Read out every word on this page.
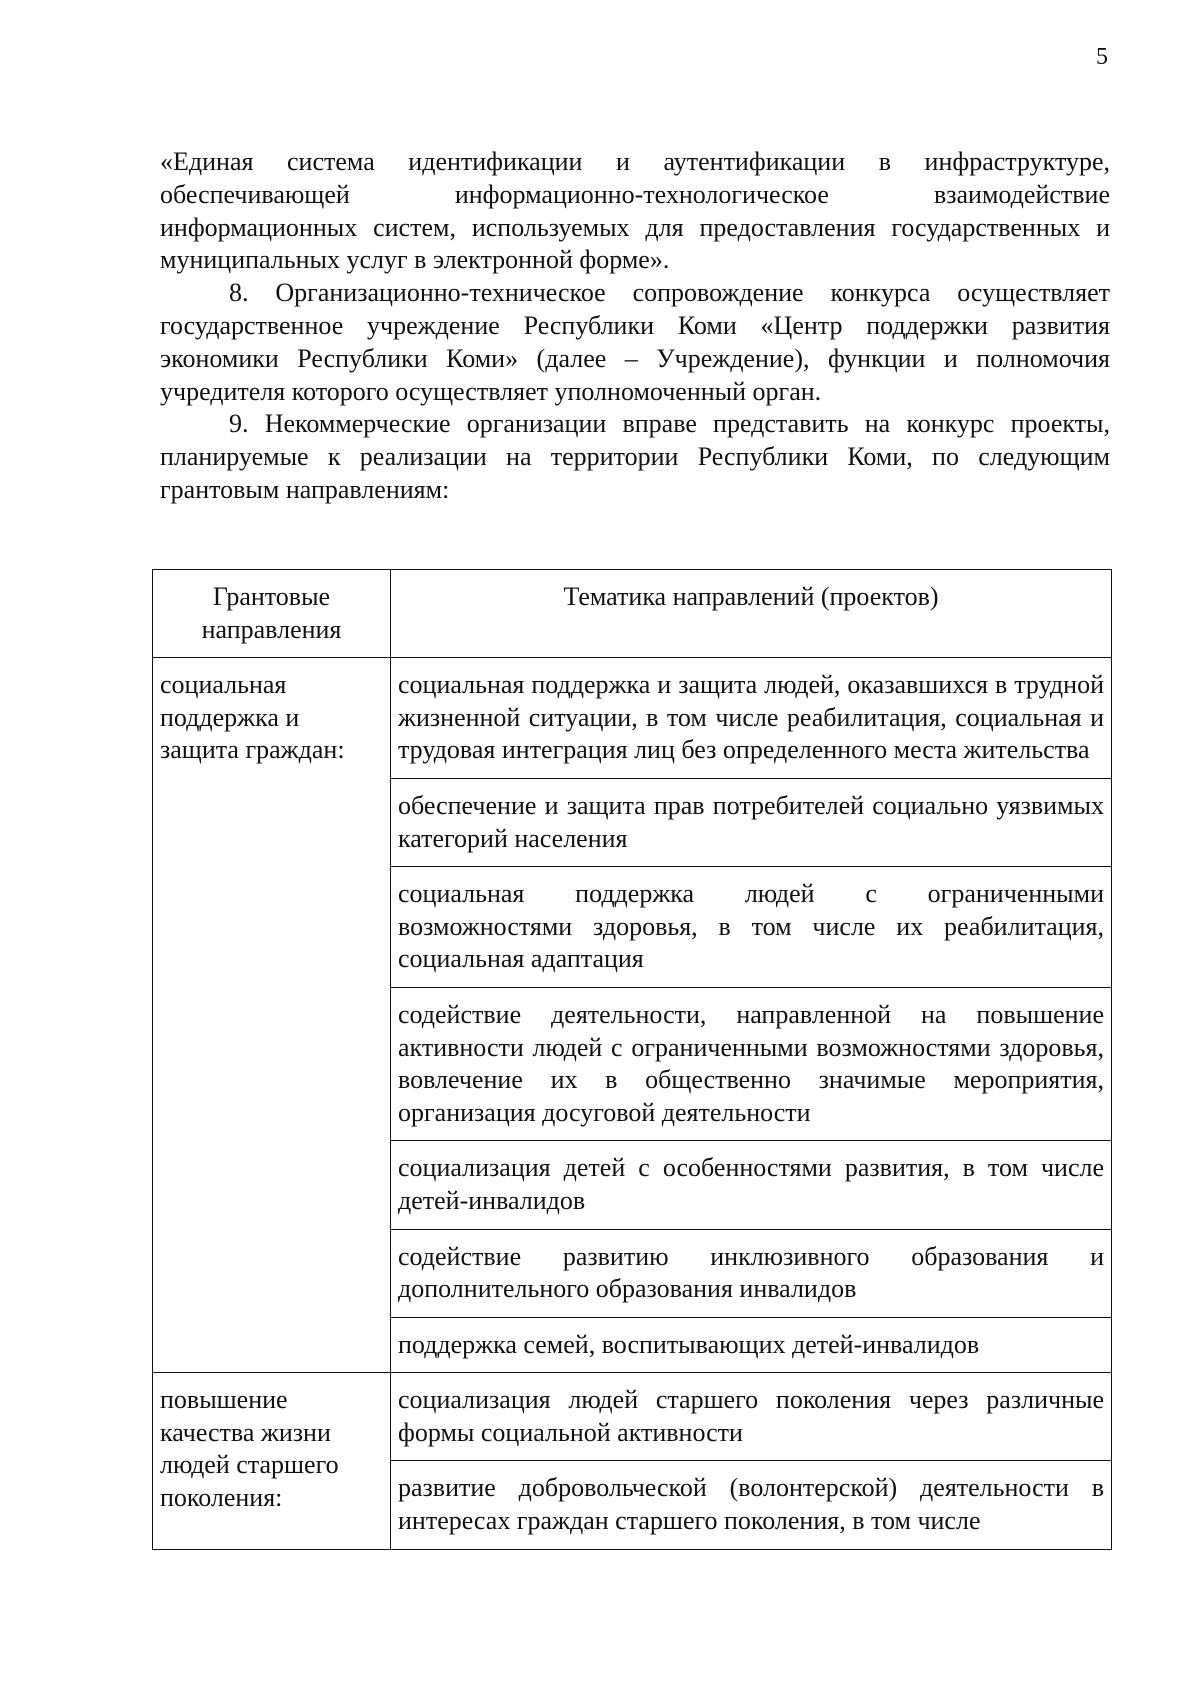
5

«Единая система идентификации и аутентификации в инфраструктуре, обеспечивающей информационно-технологическое взаимодействие информационных систем, используемых для предоставления государственных и муниципальных услуг в электронной форме».

8. Организационно-техническое сопровождение конкурса осуществляет государственное учреждение Республики Коми «Центр поддержки развития экономики Республики Коми» (далее – Учреждение), функции и полномочия учредителя которого осуществляет уполномоченный орган.

9. Некоммерческие организации вправе представить на конкурс проекты, планируемые к реализации на территории Республики Коми, по следующим грантовым направлениям:

Грантовые направления	Тематика направлений (проектов)
социальная поддержка и защита граждан:	социальная поддержка и защита людей, оказавшихся в трудной жизненной ситуации, в том числе реабилитация, социальная и трудовая интеграция лиц без определенного места жительства
	обеспечение и защита прав потребителей социально уязвимых категорий населения
	социальная поддержка людей с ограниченными возможностями здоровья, в том числе их реабилитация, социальная адаптация
	содействие деятельности, направленной на повышение активности людей с ограниченными возможностями здоровья, вовлечение их в общественно значимые мероприятия, организация досуговой деятельности
	социализация детей с особенностями развития, в том числе детей-инвалидов
	содействие развитию инклюзивного образования и дополнительного образования инвалидов
	поддержка семей, воспитывающих детей-инвалидов
повышение качества жизни людей старшего поколения:	социализация людей старшего поколения через различные формы социальной активности
	развитие добровольческой (волонтерской) деятельности в интересах граждан старшего поколения, в том числе
